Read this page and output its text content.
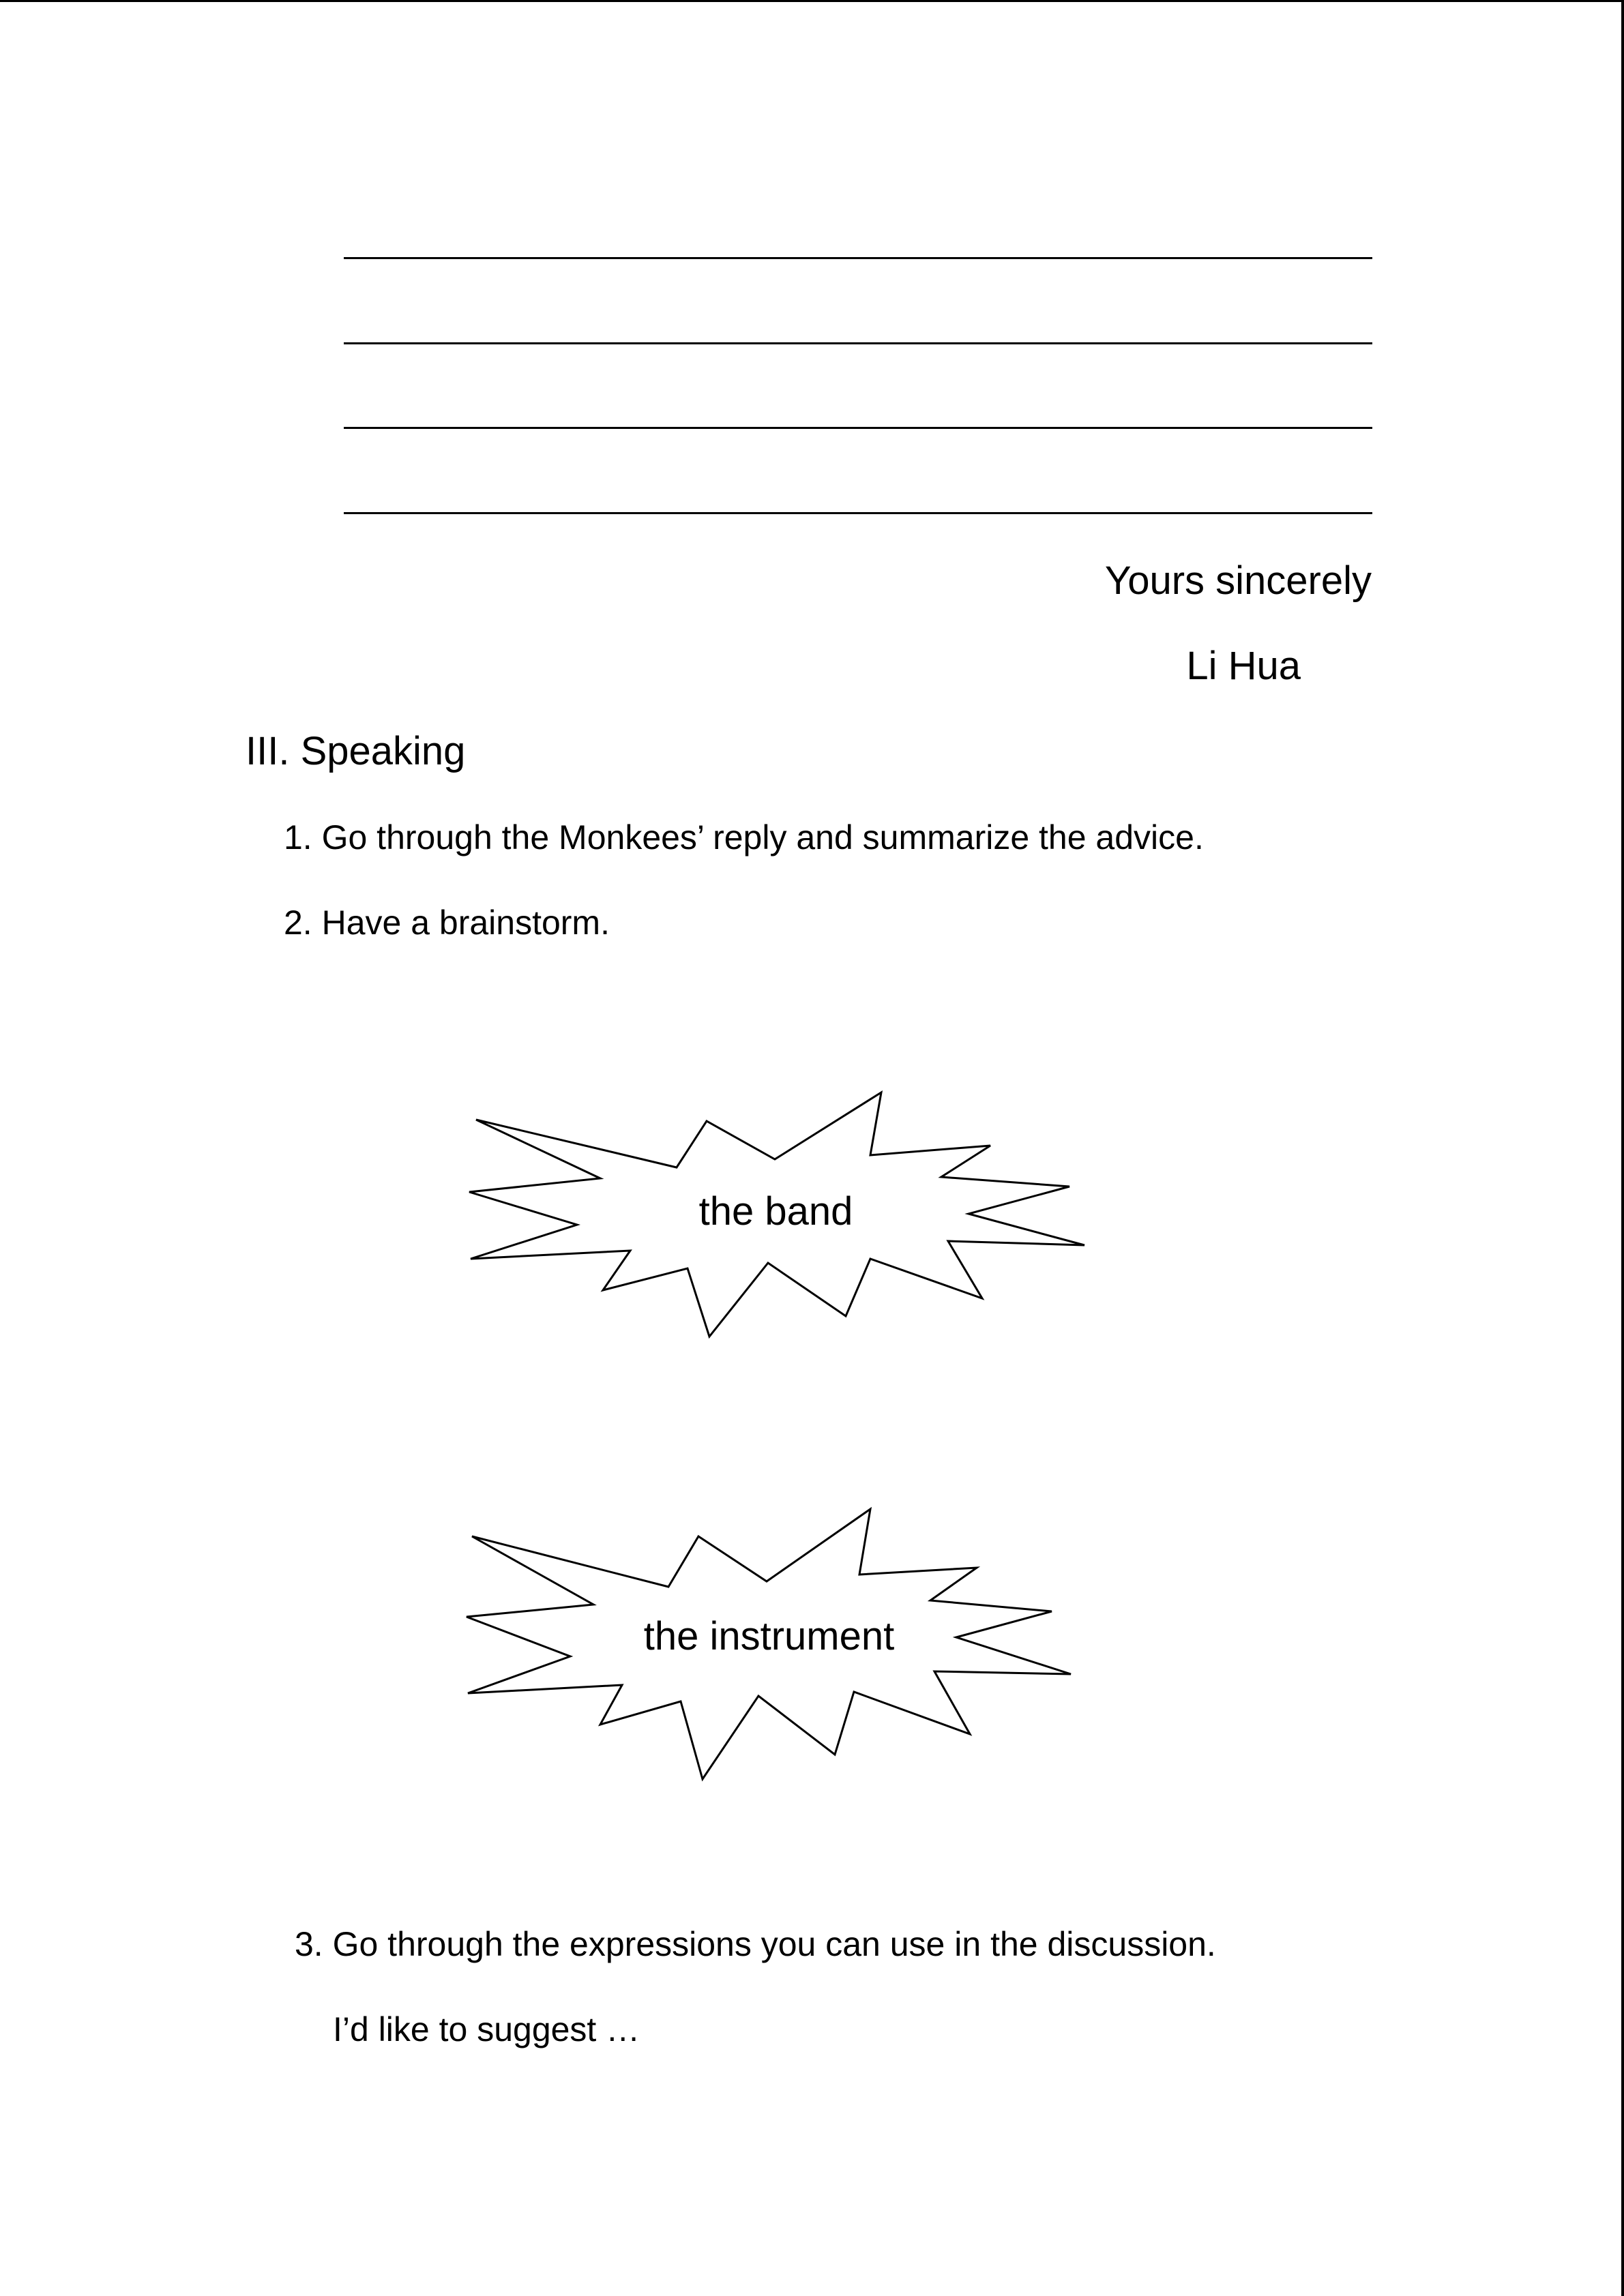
Yours sincerely
Li Hua
III. Speaking
1. Go through the Monkees’ reply and summarize the advice.
2. Have a brainstorm.
the band
the instrument
3. Go through the expressions you can use in the discussion.
I’d like to suggest …
